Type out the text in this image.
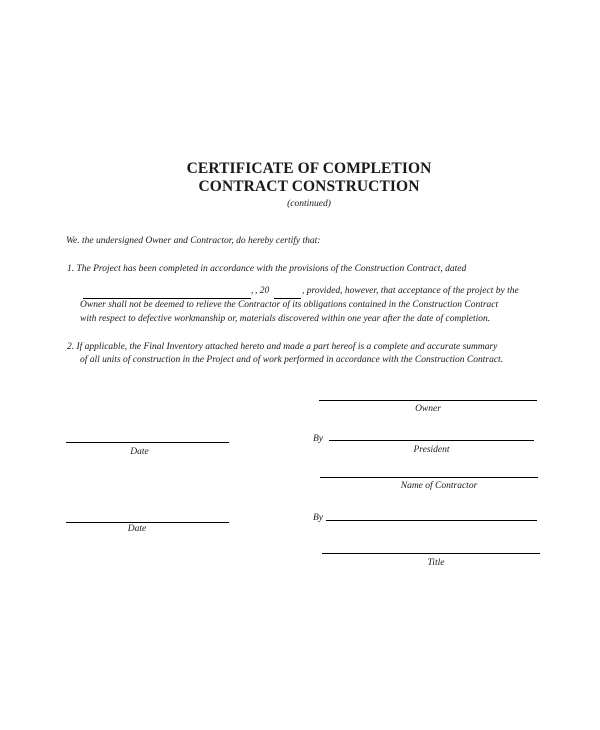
CERTIFICATE OF COMPLETION
CONTRACT CONSTRUCTION
(continued)
We. the undersigned Owner and Contractor, do hereby certify that:
1. The Project has been completed in accordance with the provisions of the Construction Contract, dated
, , 20	, provided, however, that acceptance of the project by the
Owner shall not be deemed to relieve the Contractor of its obligations contained in the Construction Contract
with respect to defective workmanship or, materials discovered within one year after the date of completion.
2. If applicable, the Final Inventory attached hereto and made a part hereof is a complete and accurate summary
of all units of construction in the Project and of work performed in accordance with the Construction Contract.
Owner
Date
By
President
Name of Contractor
Date
By
Title
